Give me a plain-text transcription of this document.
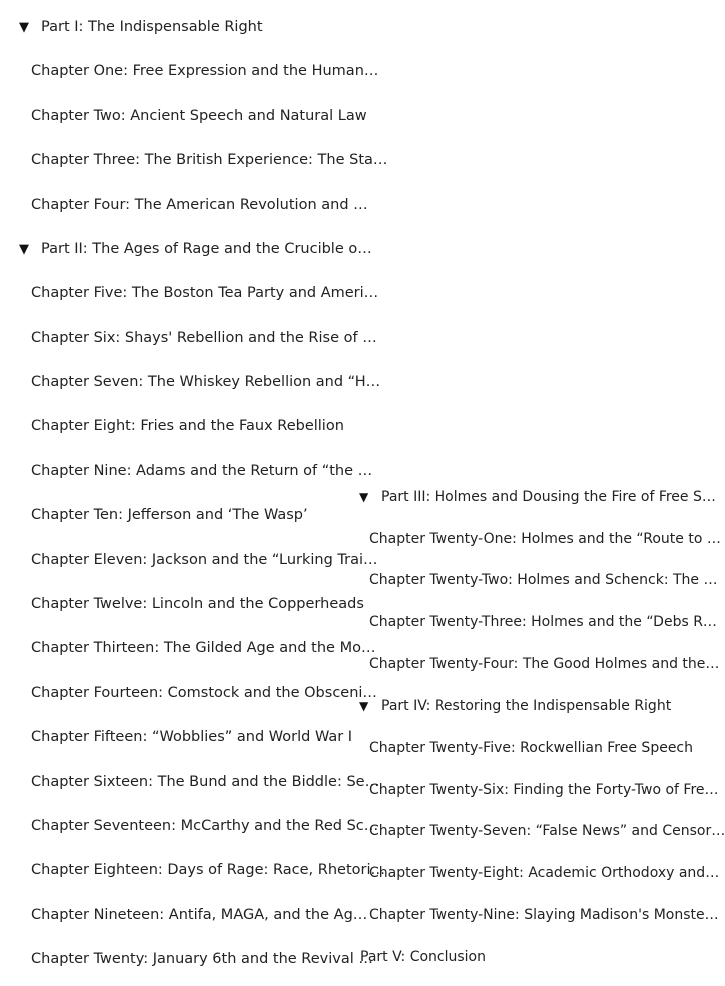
▼ Part I: The Indispensable Right
Chapter One: Free Expression and the Human…
Chapter Two: Ancient Speech and Natural Law
Chapter Three: The British Experience: The Sta…
Chapter Four: The American Revolution and …
▼ Part II: The Ages of Rage and the Crucible o…
Chapter Five: The Boston Tea Party and Ameri…
Chapter Six: Shays' Rebellion and the Rise of …
Chapter Seven: The Whiskey Rebellion and “H…
Chapter Eight: Fries and the Faux Rebellion
Chapter Nine: Adams and the Return of “the …
Chapter Ten: Jefferson and ‘The Wasp’
Chapter Eleven: Jackson and the “Lurking Trai…
Chapter Twelve: Lincoln and the Copperheads
Chapter Thirteen: The Gilded Age and the Mo…
Chapter Fourteen: Comstock and the Obsceni…
Chapter Fifteen: “Wobblies” and World War I
Chapter Sixteen: The Bund and the Biddle: Se…
Chapter Seventeen: McCarthy and the Red Sc…
Chapter Eighteen: Days of Rage: Race, Rhetori…
Chapter Nineteen: Antifa, MAGA, and the Ag…
Chapter Twenty: January 6th and the Revival …
▼ Part III: Holmes and Dousing the Fire of Free S…
Chapter Twenty-One: Holmes and the “Route to …
Chapter Twenty-Two: Holmes and Schenck: The …
Chapter Twenty-Three: Holmes and the “Debs R…
Chapter Twenty-Four: The Good Holmes and the…
▼ Part IV: Restoring the Indispensable Right
Chapter Twenty-Five: Rockwellian Free Speech
Chapter Twenty-Six: Finding the Forty-Two of Fre…
Chapter Twenty-Seven: “False News” and Censor…
Chapter Twenty-Eight: Academic Orthodoxy and…
Chapter Twenty-Nine: Slaying Madison's Monste…
Part V: Conclusion
